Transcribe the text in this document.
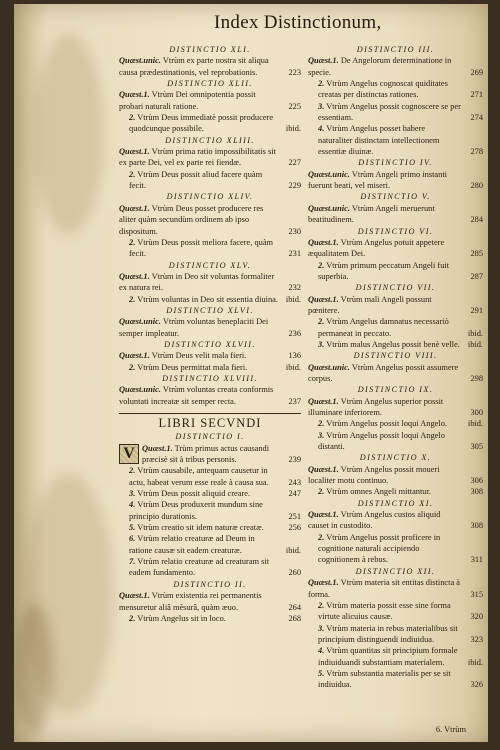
Index Distinctionum,
DISTINCTIO XLI.
Quæst.unic. Vtrùm ex parte nostra sit aliqua causa prædestinationis, vel reprobationis.	223
DISTINCTIO XLII.
Quæst.1. Vtrùm Dei omnipotentia possit probari naturali ratione.	225
2. Vtrùm Deus immediatè possit producere quodcunque possibile.	ibid.
DISTINCTIO XLIII.
Quæst.1. Vtrùm prima ratio impossibilitatis sit ex parte Dei, vel ex parte rei fiendæ.	227
2. Vtrùm Deus possit aliud facere quàm fecit.	229
DISTINCTIO XLIV.
Quæst.1. Vtrùm Deus posset producere res aliter quàm secundùm ordinem ab ipso dispositum.	230
2. Vtrùm Deus possit meliora facere, quàm fecit.	231
DISTINCTIO XLV.
Quæst.1. Vtrùm in Deo sit voluntas formaliter ex natura rei.	232
2. Vtrùm voluntas in Deo sit essentia diuina. ibid.
DISTINCTIO XLVI.
Quæst.unic. Vtrùm voluntas beneplaciti Dei semper impleatur.	236
DISTINCTIO XLVII.
Quæst.1. Vtrùm Deus velit mala fieri.	136
2. Vtrùm Deus permittat mala fieri.	ibid.
DISTINCTIO XLVIII.
Quæst.unic. Vtrùm voluntas creata conformis voluntati increatæ sit semper recta.	237
LIBRI SECVNDI
DISTINCTIO I.
V Quæst.1. Trùm primus actus causandi præcisè sit à tribus personis.	239
2. Vtrùm causabile, antequam causetur in actu, habeat verum esse reale à causa sua. 243
3. Vtrùm Deus possit aliquid creare.	247
4. Vtrùm Deus produxerit mundum sine principio durationis.	251
5. Vtrùm creatio sit idem naturæ creatæ.	256
6. Vtrùm relatio creaturæ ad Deum in ratione causæ sit eadem creaturæ.	ibid.
7. Vtrùm relatio creaturæ ad creaturam sit eadem fundamento.	260
DISTINCTIO II.
Quæst.1. Vtrùm existentia rei permanentis mensuretur aliâ mēsurâ, quàm æuo.	264
2. Vtrùm Angelus sit in loco.	268
DISTINCTIO III.
Quæst.1. De Angelorum determinatione in specie.	269
2. Vtrùm Angelus cognoscat quiditates creatas per distinctas rationes.	271
3. Vtrùm Angelus possit cognoscere se per essentiam.	274
4. Vtrùm Angelus posset habere naturaliter distinctam intellectionem essentiæ diuinæ.	278
DISTINCTIO IV.
Quæst.unic. Vtrùm Angeli primo instanti fuerunt beati, vel miseri.	280
DISTINCTIO V.
Quæst.unic. Vtrùm Angeli meruerunt beatitudinem.	284
DISTINCTIO VI.
Quæst.1. Vtrùm Angelus potuit appetere æqualitatem Dei.	285
2. Vtrùm primum peccatum Angeli fuit superbia.	287
DISTINCTIO VII.
Quæst.1. Vtrùm mali Angeli possunt pœnitere.	291
2. Vtrùm Angelus damnatus necessariò permaneat in peccato.	ibid.
3. Vtrùm malus Angelus possit benè velle. ibid.
DISTINCTIO VIII.
Quæst.unic. Vtrùm Angelus possit assumere corpus.	298
DISTINCTIO IX.
Quæst.1. Vtrùm Angelus superior possit illuminare inferiorem.	300
2. Vtrùm Angelus possit loqui Angelo. ibid.
3. Vtrùm Angelus possit loqui Angelo distanti.	305
DISTINCTIO X.
Quæst.1. Vtrùm Angelus possit moueri localiter motu continuo.	306
2. Vtrùm omnes Angeli mittantur.	308
DISTINCTIO XI.
Quæst.1. Vtrùm Angelus custos aliquid causet in custodito.	308
2. Vtrùm Angelus possit proficere in cognitione naturali accipiendo cognitionem à rebus.	311
DISTINCTIO XII.
Quæst.1. Vtrùm materia sit entitas distincta à forma.	315
2. Vtrùm materia possit esse sine forma virtute alicuius causæ.	320
3. Vtrùm materia in rebus materialibus sit principium distinguendi indiuidua.	323
4. Vtrùm quantitas sit principium formale indiuiduandi substantiam materialem.	ibid.
5. Vtrùm substantia materialis per se sit indiuidua.	326
6. Vtrùm
